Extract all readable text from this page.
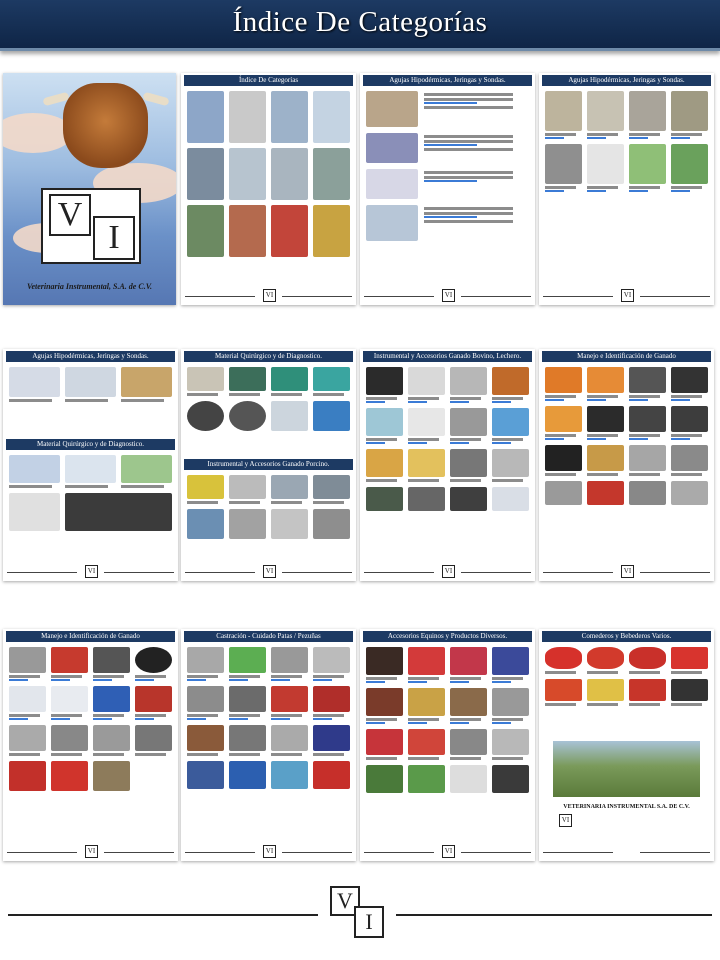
Índice De Categorías
V
I
Veterinaria Instrumental, S.A. de C.V.
Índice De Categorías
VI
Agujas Hipodérmicas, Jeringas y Sondas.
VI
Agujas Hipodérmicas, Jeringas y Sondas.
VI
Agujas Hipodérmicas, Jeringas y Sondas.
Material Quirúrgico y de Diagnostico.
VI
Material Quirúrgico y de Diagnostico.
Instrumental y Accesorios Ganado Porcino.
VI
Instrumental y Accesorios Ganado Bovino, Lechero.
VI
Manejo e Identificación de Ganado
VI
Manejo e Identificación de Ganado
VI
Castración - Cuidado Patas / Pezuñas
VI
Accesorios Equinos y Productos Diversos.
VI
Comederos y Bebederos Varios.
VETERINARIA INSTRUMENTAL S.A. DE C.V.
VI
V
I
